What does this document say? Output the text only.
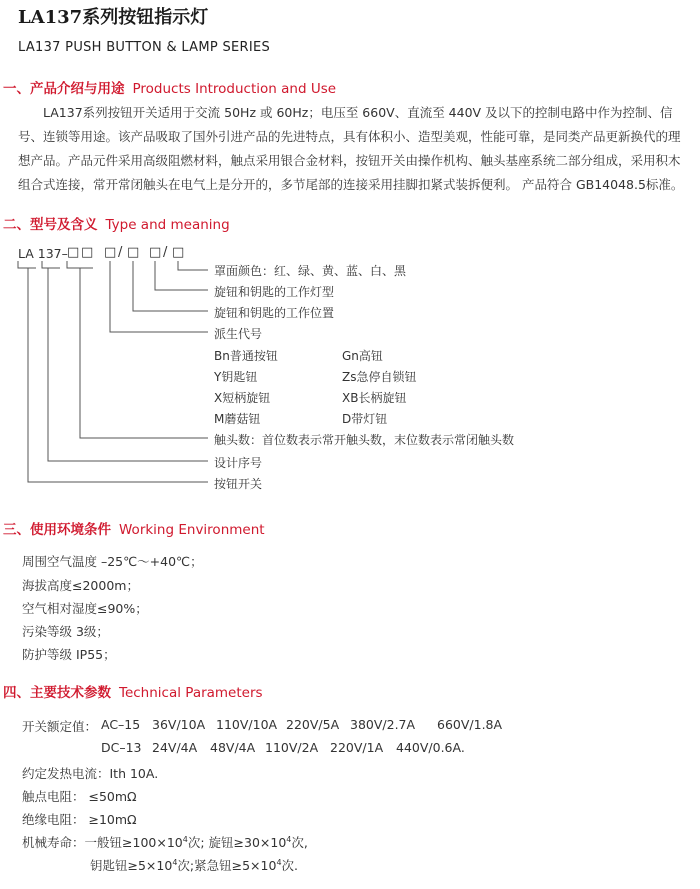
LA137系列按钮指示灯
LA137 PUSH BUTTON & LAMP SERIES
一、产品介绍与用途 Products Introduction and Use
LA137系列按钮开关适用于交流 50Hz 或 60Hz；电压至 660V、直流至 440V 及以下的控制电路中作为控制、信号、连锁等用途。该产品吸取了国外引进产品的先进特点，具有体积小、造型美观，性能可靠，是同类产品更新换代的理想产品。产品元件采用高级阻燃材料，触点采用银合金材料，按钮开关由操作机构、触头基座系统二部分组成，采用积木组合式连接，常开常闭触头在电气上是分开的，多节尾部的连接采用挂脚扣紧式装拆便利。 产品符合 GB14048.5标准。
二、型号及含义 Type and meaning
LA 137– □ □ □ / □ □ / □
罩面颜色：红、绿、黄、蓝、白、黑
旋钮和钥匙的工作灯型
旋钮和钥匙的工作位置
派生代号
Bn普通按钮	Gn高钮
Y钥匙钮	Zs急停自锁钮
X短柄旋钮	XB长柄旋钮
M蘑菇钮	D带灯钮
触头数：首位数表示常开触头数，末位数表示常闭触头数
设计序号
按钮开关
三、使用环境条件 Working Environment
周围空气温度 –25℃～+40℃；
海拔高度≤2000m；
空气相对湿度≤90%；
污染等级 3级；
防护等级 IP55；
四、主要技术参数 Technical Parameters
开关额定值： AC–15 36V/10A 110V/10A 220V/5A 380V/2.7A 660V/1.8A
DC–13 24V/4A 48V/4A 110V/2A 220V/1A 440V/0.6A.
约定发热电流：Ith 10A.
触点电阻： ≤50mΩ
绝缘电阻： ≥10mΩ
机械寿命：一般钮$\ge 100\times 10^4$次; 旋钮$\ge 30\times 10^4$次,
钥匙钮$\ge 5\times 10^4$次;紧急钮$\ge 5\times 10^4$次.
